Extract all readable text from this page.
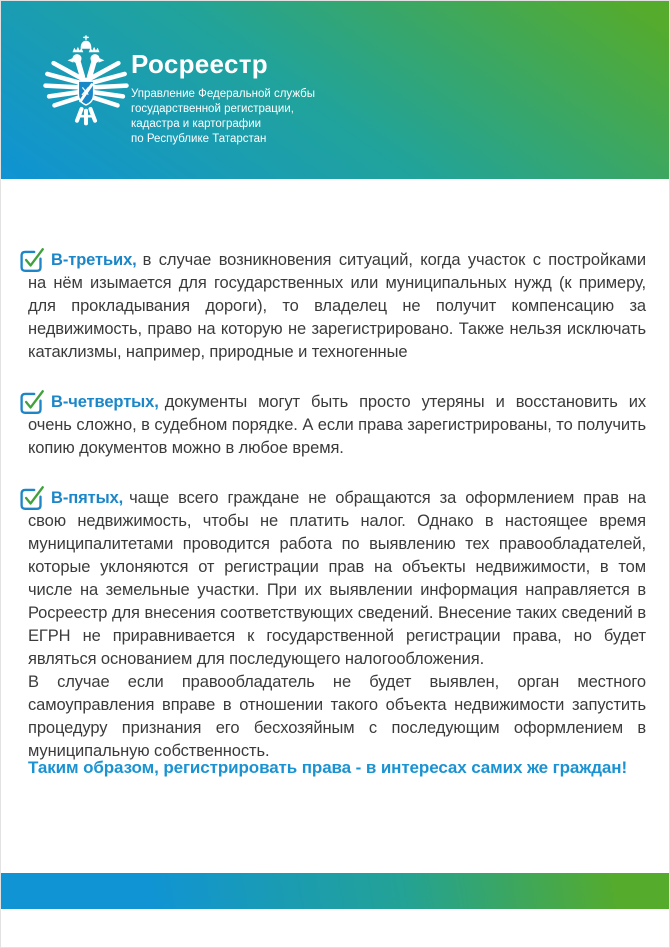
Росреестр
Управление Федеральной службы
государственной регистрации,
кадастра и картографии
по Республике Татарстан

В-третьих, в случае возникновения ситуаций, когда участок с постройками на нём изымается для государственных или муниципальных нужд (к примеру, для прокладывания дороги), то владелец не получит компенсацию за недвижимость, право на которую не зарегистрировано. Также нельзя исключать катаклизмы, например, природные и техногенные

В-четвертых, документы могут быть просто утеряны и восстановить их очень сложно, в судебном порядке. А если права зарегистрированы, то получить копию документов можно в любое время.

В-пятых, чаще всего граждане не обращаются за оформлением прав на свою недвижимость, чтобы не платить налог. Однако в настоящее время муниципалитетами проводится работа по выявлению тех правообладателей, которые уклоняются от регистрации прав на объекты недвижимости, в том числе на земельные участки. При их выявлении информация направляется в Росреестр для внесения соответствующих сведений. Внесение таких сведений в ЕГРН не приравнивается к государственной регистрации права, но будет являться основанием для последующего налогообложения.
В случае если правообладатель не будет выявлен, орган местного самоуправления вправе в отношении такого объекта недвижимости запустить процедуру признания его бесхозяйным с последующим оформлением в муниципальную собственность.

Таким образом, регистрировать права - в интересах самих же граждан!
